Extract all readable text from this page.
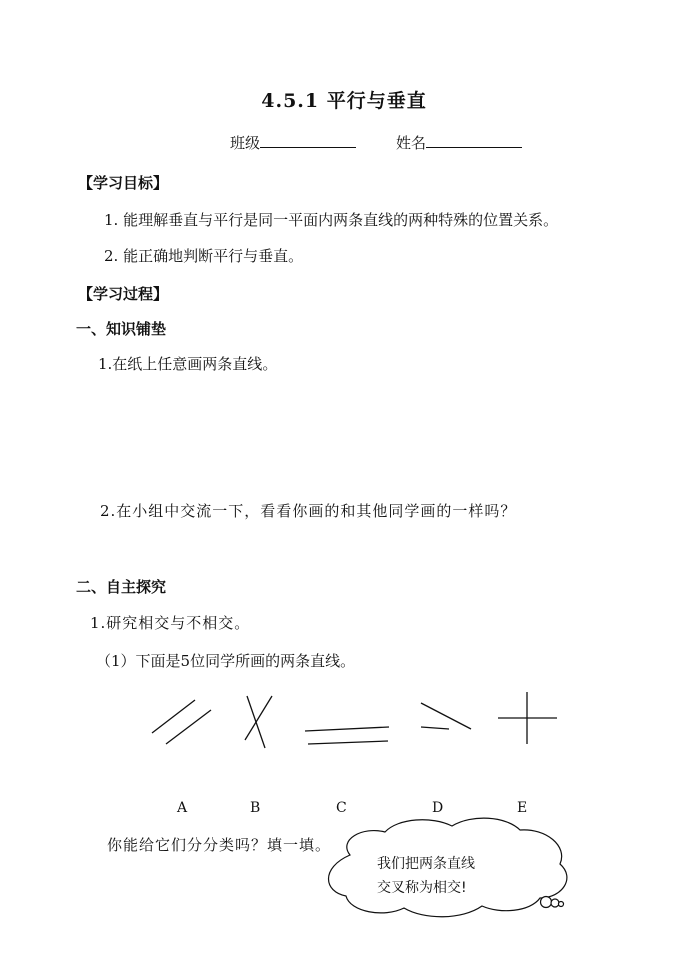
4.5.1 平行与垂直
班级	姓名
【学习目标】
1. 能理解垂直与平行是同一平面内两条直线的两种特殊的位置关系。
2. 能正确地判断平行与垂直。
【学习过程】
一、知识铺垫
1.在纸上任意画两条直线。
2.在小组中交流一下，看看你画的和其他同学画的一样吗？
二、自主探究
1.研究相交与不相交。
（1）下面是5位同学所画的两条直线。
A	B	C	D	E
你能给它们分分类吗？填一填。
我们把两条直线
交叉称为相交!
